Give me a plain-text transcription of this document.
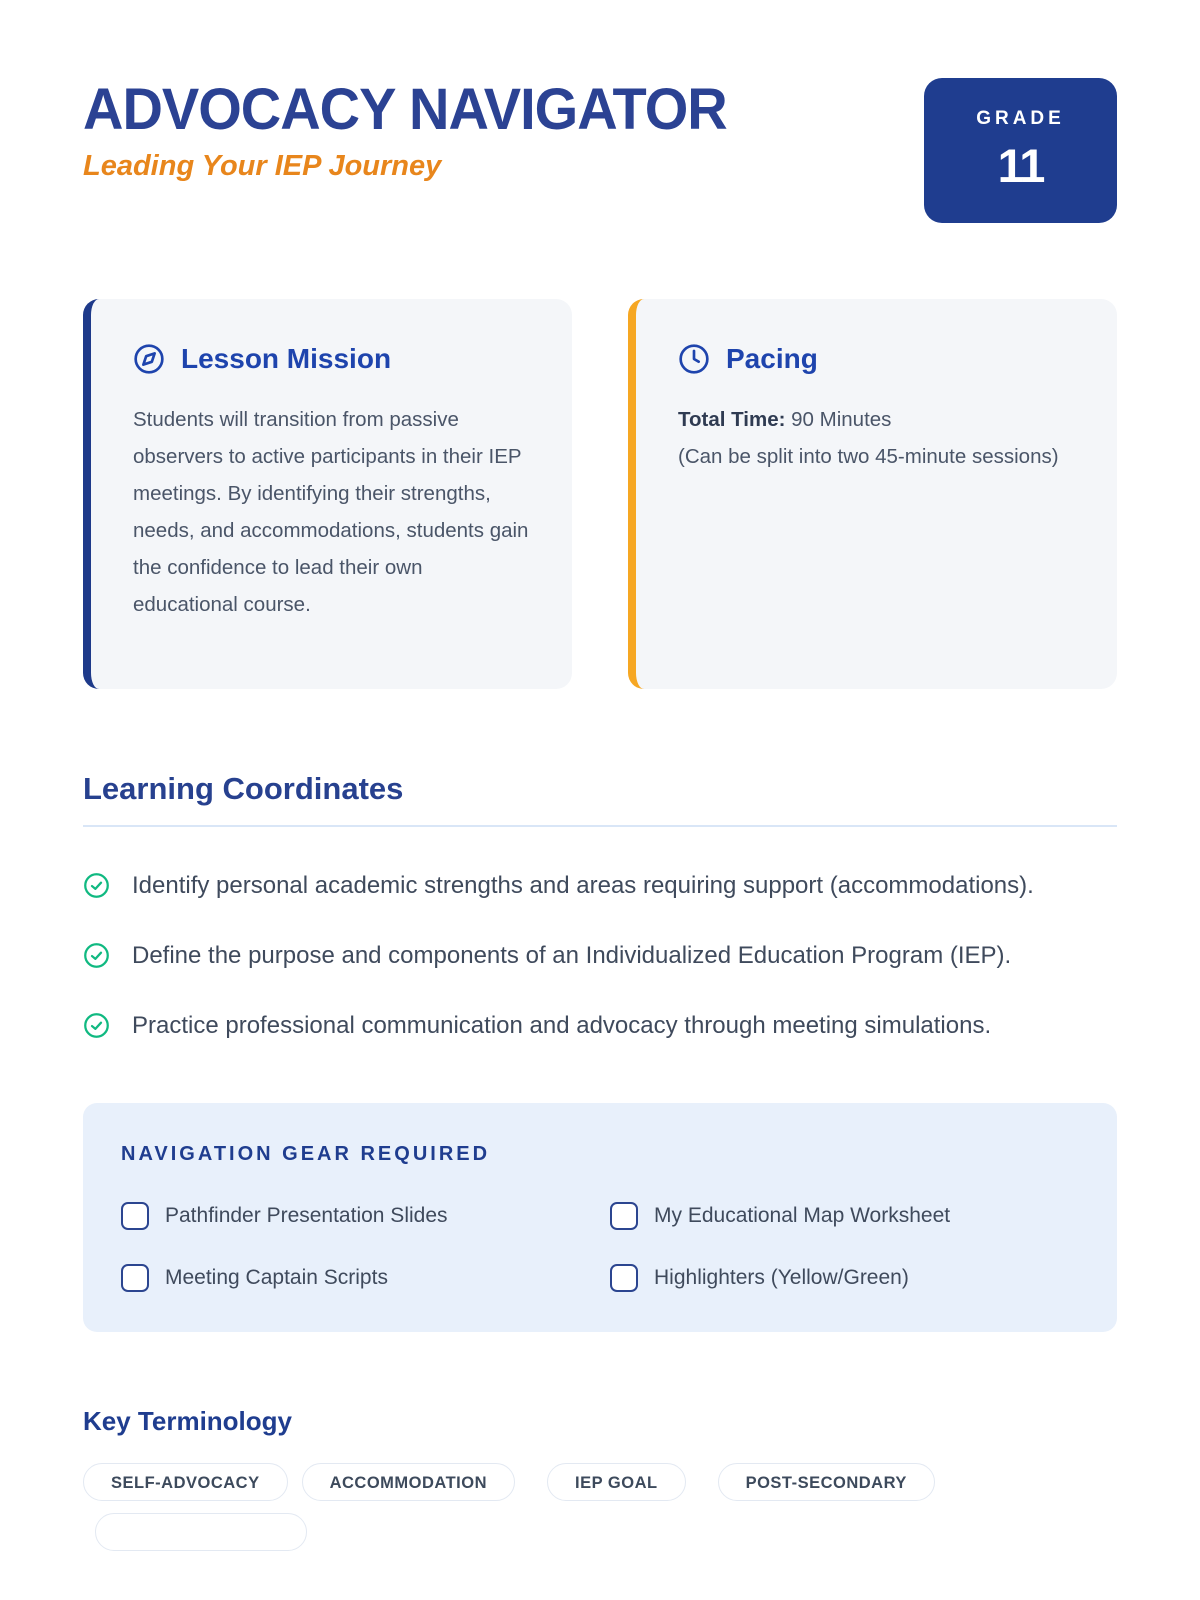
ADVOCACY NAVIGATOR
Leading Your IEP Journey
GRADE
11
Lesson Mission
Students will transition from passive observers to active participants in their IEP meetings. By identifying their strengths, needs, and accommodations, students gain the confidence to lead their own educational course.
Pacing
Total Time: 90 Minutes
(Can be split into two 45-minute sessions)
Learning Coordinates
Identify personal academic strengths and areas requiring support (accommodations).
Define the purpose and components of an Individualized Education Program (IEP).
Practice professional communication and advocacy through meeting simulations.
NAVIGATION GEAR REQUIRED
Pathfinder Presentation Slides	My Educational Map Worksheet
Meeting Captain Scripts	Highlighters (Yellow/Green)
Key Terminology
SELF-ADVOCACY	ACCOMMODATION	IEP GOAL	POST-SECONDARY
